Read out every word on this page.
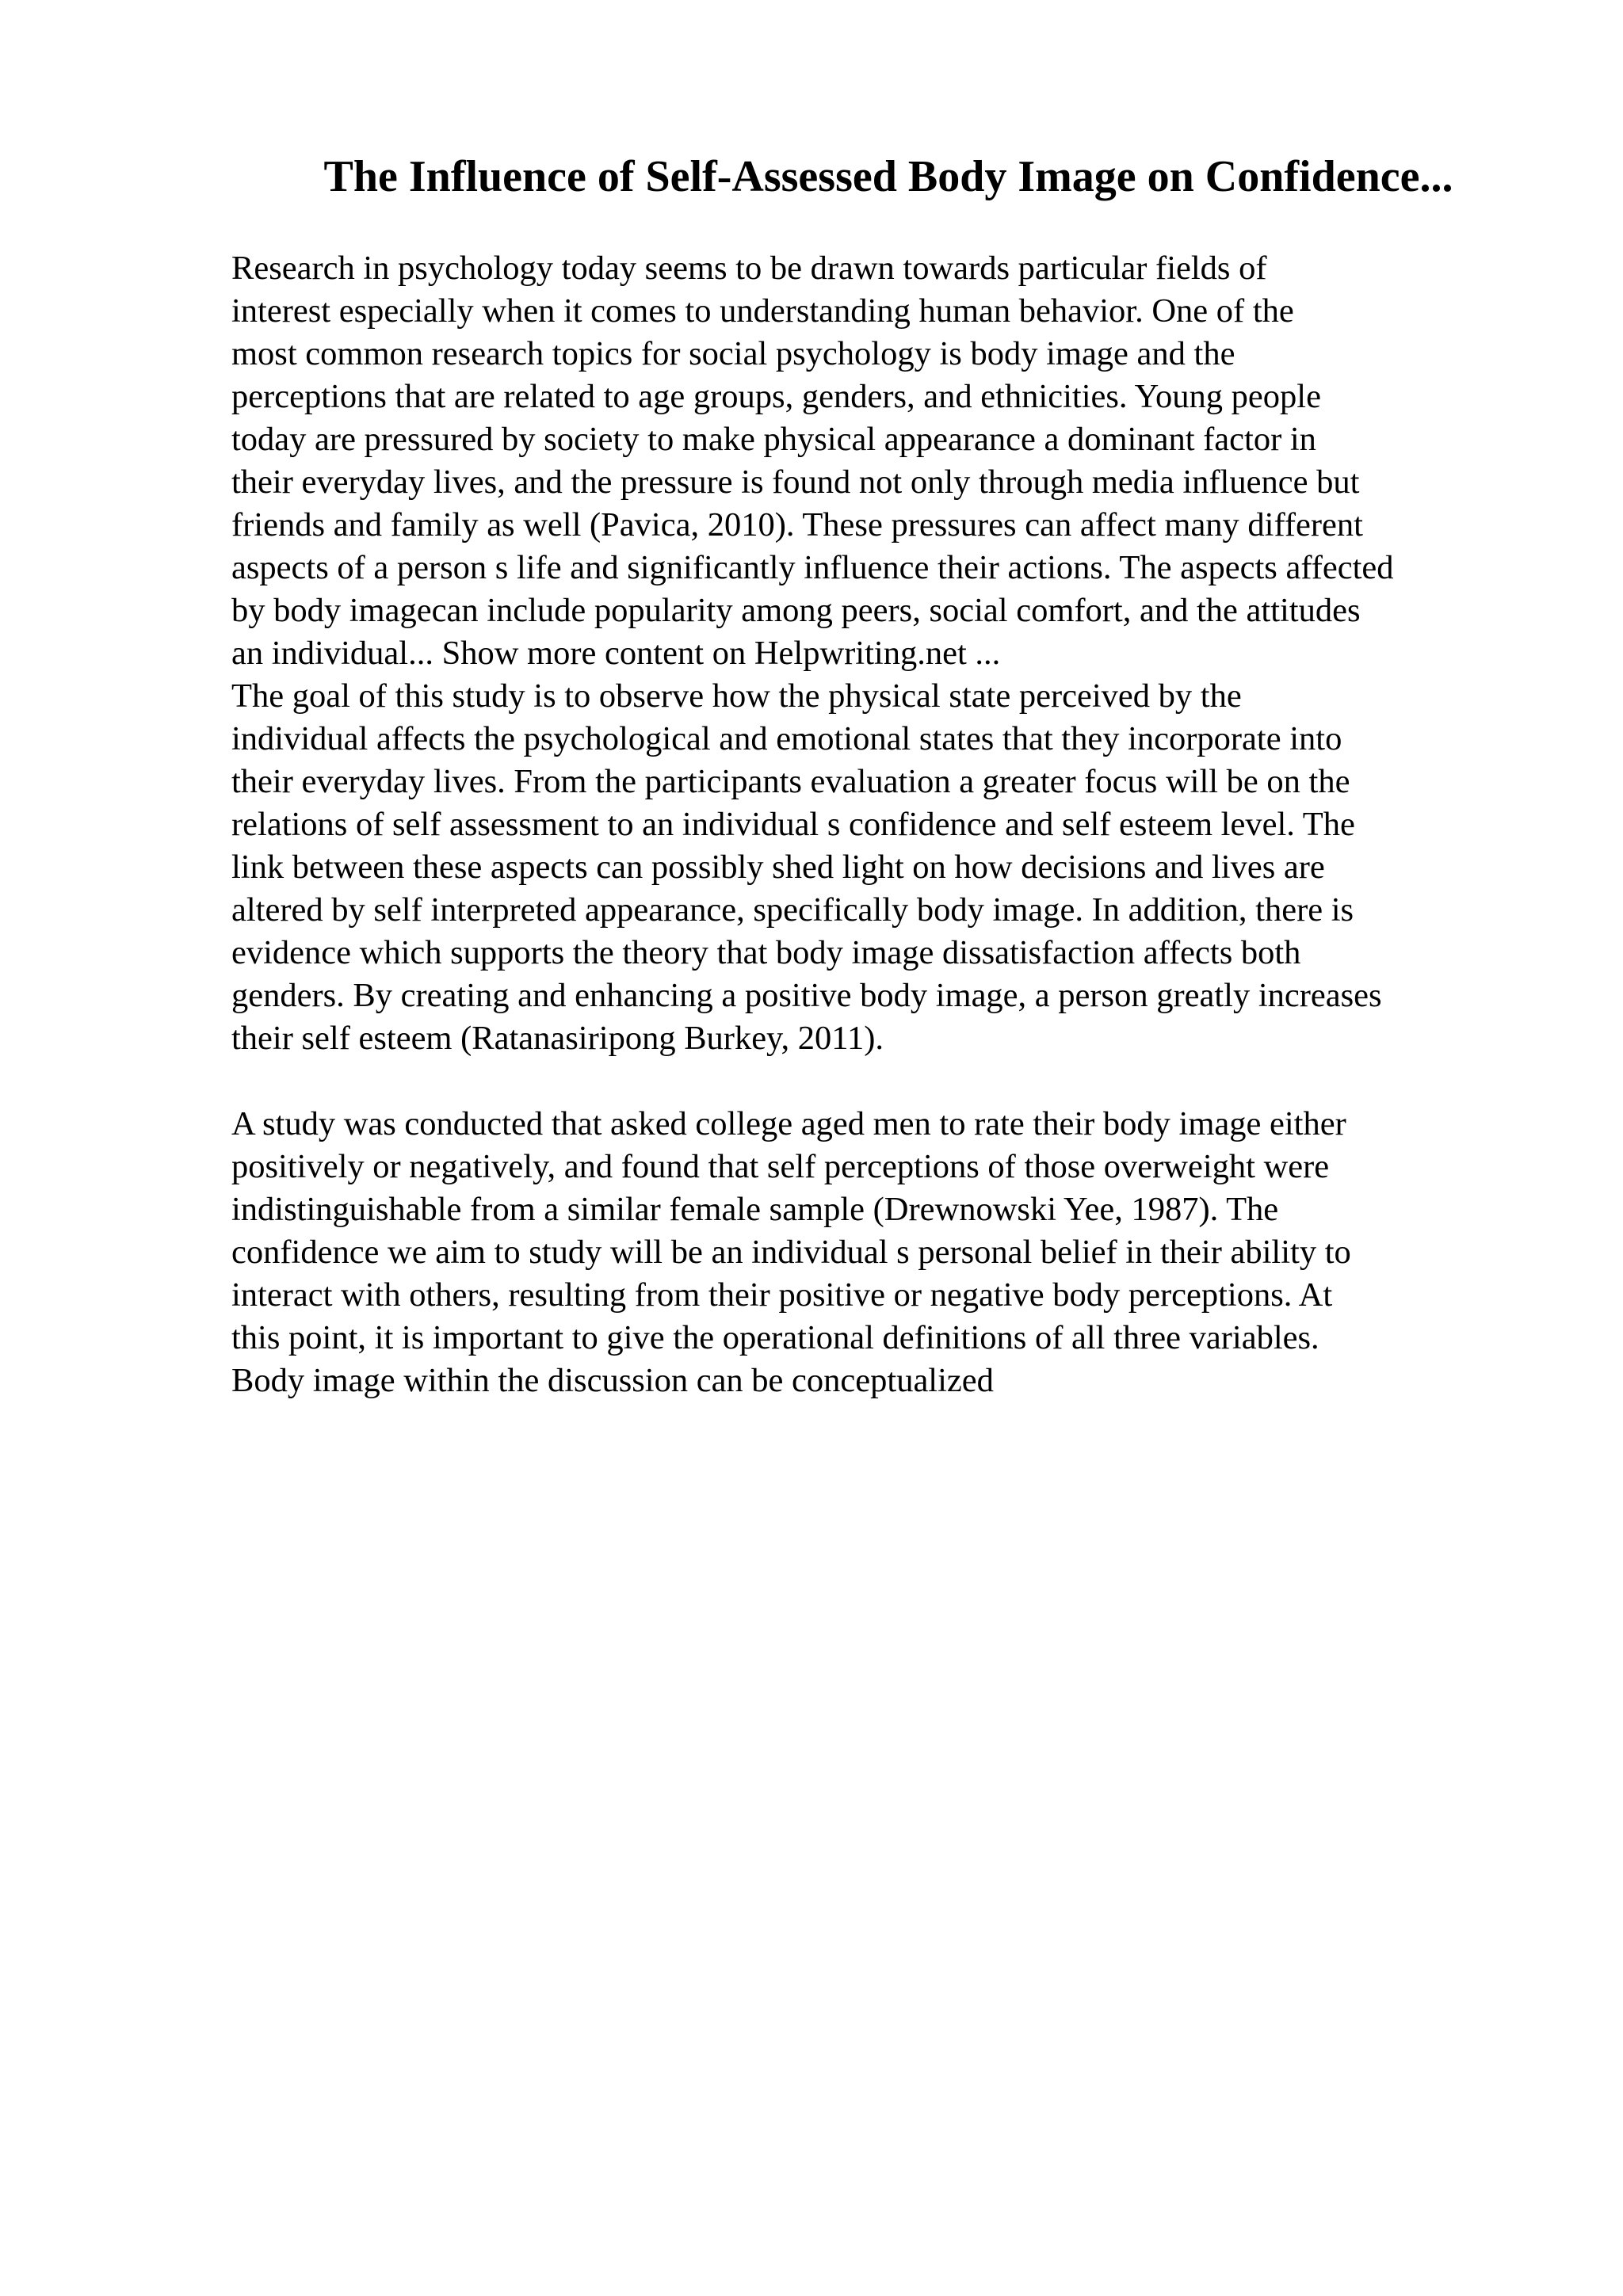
The Influence of Self-Assessed Body Image on Confidence...
Research in psychology today seems to be drawn towards particular fields of
interest especially when it comes to understanding human behavior. One of the
most common research topics for social psychology is body image and the
perceptions that are related to age groups, genders, and ethnicities. Young people
today are pressured by society to make physical appearance a dominant factor in
their everyday lives, and the pressure is found not only through media influence but
friends and family as well (Pavica, 2010). These pressures can affect many different
aspects of a person s life and significantly influence their actions. The aspects affected
by body imagecan include popularity among peers, social comfort, and the attitudes
an individual... Show more content on Helpwriting.net ...
The goal of this study is to observe how the physical state perceived by the
individual affects the psychological and emotional states that they incorporate into
their everyday lives. From the participants evaluation a greater focus will be on the
relations of self assessment to an individual s confidence and self esteem level. The
link between these aspects can possibly shed light on how decisions and lives are
altered by self interpreted appearance, specifically body image. In addition, there is
evidence which supports the theory that body image dissatisfaction affects both
genders. By creating and enhancing a positive body image, a person greatly increases
their self esteem (Ratanasiripong Burkey, 2011).
A study was conducted that asked college aged men to rate their body image either
positively or negatively, and found that self perceptions of those overweight were
indistinguishable from a similar female sample (Drewnowski Yee, 1987). The
confidence we aim to study will be an individual s personal belief in their ability to
interact with others, resulting from their positive or negative body perceptions. At
this point, it is important to give the operational definitions of all three variables.
Body image within the discussion can be conceptualized
